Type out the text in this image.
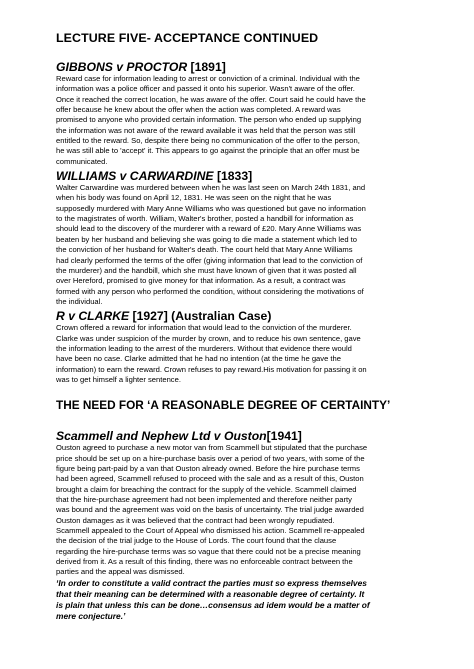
LECTURE FIVE- ACCEPTANCE CONTINUED
GIBBONS v PROCTOR [1891]
Reward case for information leading to arrest or conviction of a criminal. Individual with the
information was a police officer and passed it onto his superior. Wasn't aware of the offer.
Once it reached the correct location, he was aware of the offer. Court said he could have the
offer because he knew about the offer when the action was completed. A reward was
promised to anyone who provided certain information. The person who ended up supplying
the information was not aware of the reward available it was held that the person was still
entitled to the reward. So, despite there being no communication of the offer to the person,
he was still able to 'accept' it. This appears to go against the principle that an offer must be
communicated.
WILLIAMS v CARWARDINE [1833]
Walter Carwardine was murdered between when he was last seen on March 24th 1831, and
when his body was found on April 12, 1831. He was seen on the night that he was
supposedly murdered with Mary Anne Williams who was questioned but gave no information
to the magistrates of worth. William, Walter's brother, posted a handbill for information as
should lead to the discovery of the murderer with a reward of £20. Mary Anne Williams was
beaten by her husband and believing she was going to die made a statement which led to
the conviction of her husband for Walter's death. The court held that Mary Anne Williams
had clearly performed the terms of the offer (giving information that lead to the conviction of
the murderer) and the handbill, which she must have known of given that it was posted all
over Hereford, promised to give money for that information. As a result, a contract was
formed with any person who performed the condition, without considering the motivations of
the individual.
R v CLARKE [1927] (Australian Case)
Crown offered a reward for information that would lead to the conviction of the murderer.
Clarke was under suspicion of the murder by crown, and to reduce his own sentence, gave
the information leading to the arrest of the murderers. Without that evidence there would
have been no case. Clarke admitted that he had no intention (at the time he gave the
information) to earn the reward. Crown refuses to pay reward.His motivation for passing it on
was to get himself a lighter sentence.
THE NEED FOR ‘A REASONABLE DEGREE OF CERTAINTY’
Scammell and Nephew Ltd v Ouston[1941]
Ouston agreed to purchase a new motor van from Scammell but stipulated that the purchase
price should be set up on a hire-purchase basis over a period of two years, with some of the
figure being part-paid by a van that Ouston already owned. Before the hire purchase terms
had been agreed, Scammell refused to proceed with the sale and as a result of this, Ouston
brought a claim for breaching the contract for the supply of the vehicle. Scammell claimed
that the hire-purchase agreement had not been implemented and therefore neither party
was bound and the agreement was void on the basis of uncertainty. The trial judge awarded
Ouston damages as it was believed that the contract had been wrongly repudiated.
Scammell appealed to the Court of Appeal who dismissed his action. Scammell re-appealed
the decision of the trial judge to the House of Lords. The court found that the clause
regarding the hire-purchase terms was so vague that there could not be a precise meaning
derived from it. As a result of this finding, there was no enforceable contract between the
parties and the appeal was dismissed.
‘In order to constitute a valid contract the parties must so express themselves
that their meaning can be determined with a reasonable degree of certainty. It
is plain that unless this can be done…consensus ad idem would be a matter of
mere conjecture.’
